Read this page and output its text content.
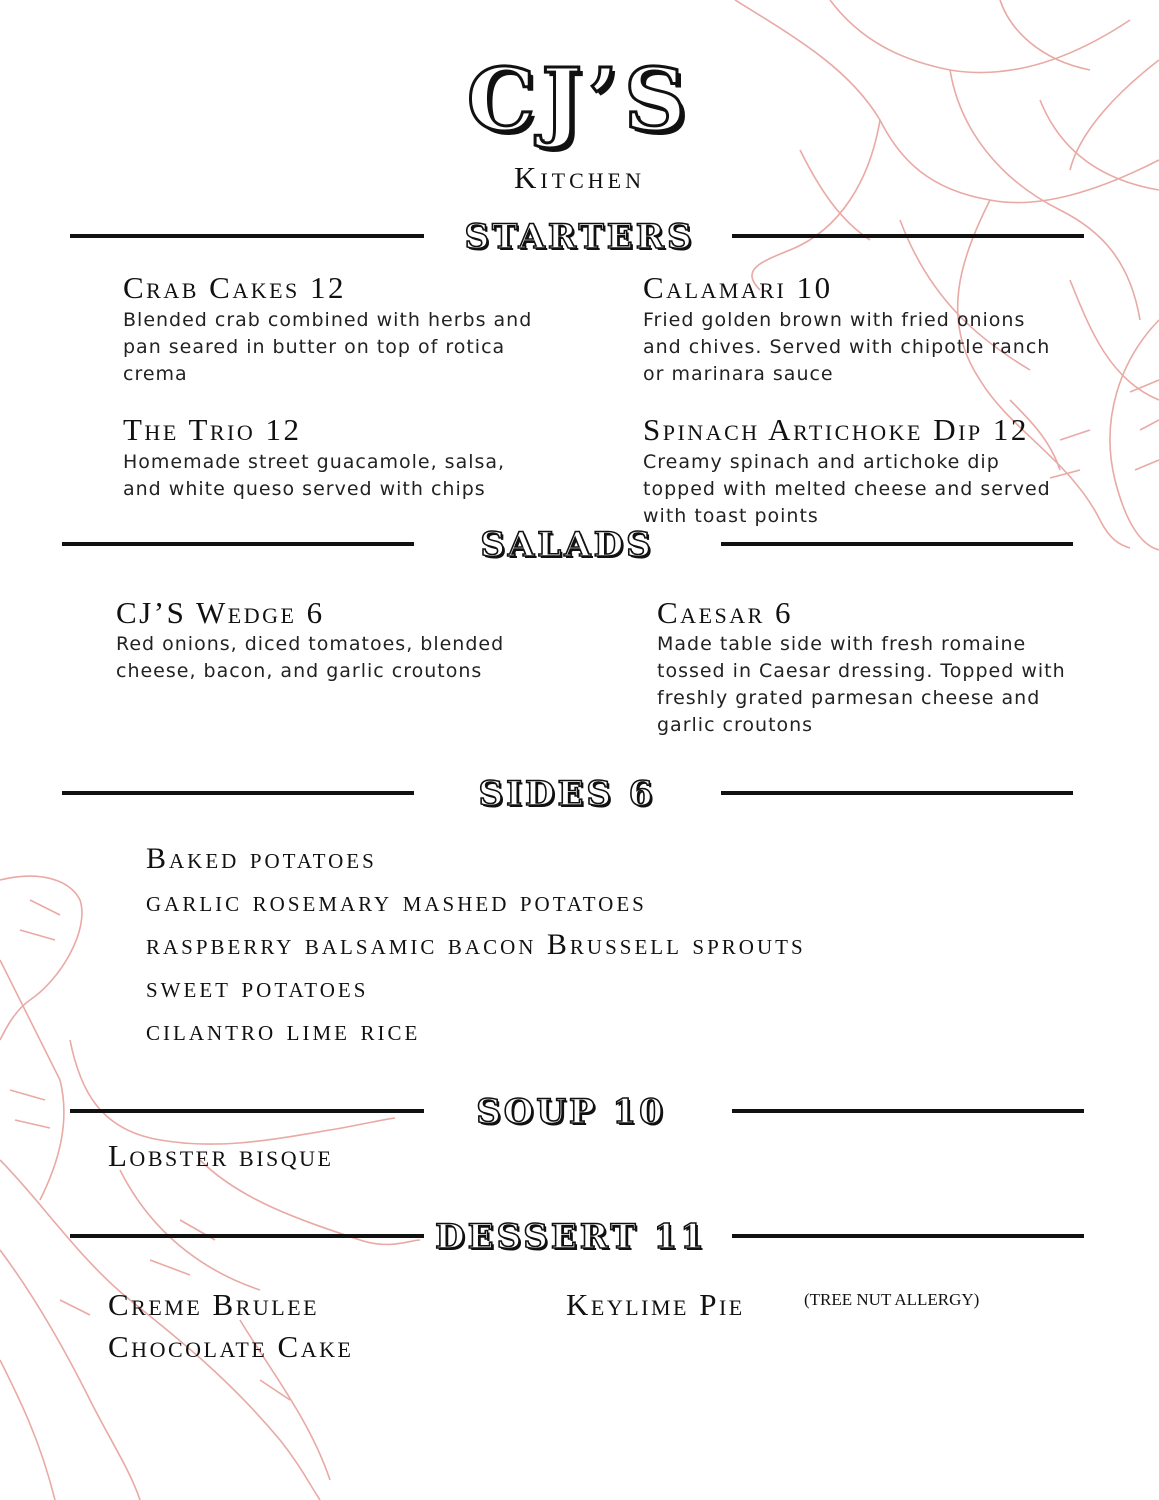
CJ’S
Kitchen
STARTERS
Crab Cakes 12

Blended crab combined with herbs and pan seared in butter on top of rotica crema

Calamari 10

Fried golden brown with fried onions and chives. Served with chipotle ranch or marinara sauce

The Trio 12

Homemade street guacamole, salsa, and white queso served with chips

Spinach Artichoke Dip 12

Creamy spinach and artichoke dip topped with melted cheese and served with toast points

SALADS
CJ’S Wedge 6

Red onions, diced tomatoes, blended cheese, bacon, and garlic croutons

Caesar 6

Made table side with fresh romaine tossed in Caesar dressing. Topped with freshly grated parmesan cheese and garlic croutons

SIDES 6
Baked potatoes
garlic rosemary mashed potatoes
raspberry balsamic bacon Brussell sprouts
sweet potatoes
cilantro lime rice
SOUP 10
Lobster bisque
DESSERT 11
Creme Brulee
Chocolate Cake
Keylime Pie	(TREE NUT ALLERGY)
